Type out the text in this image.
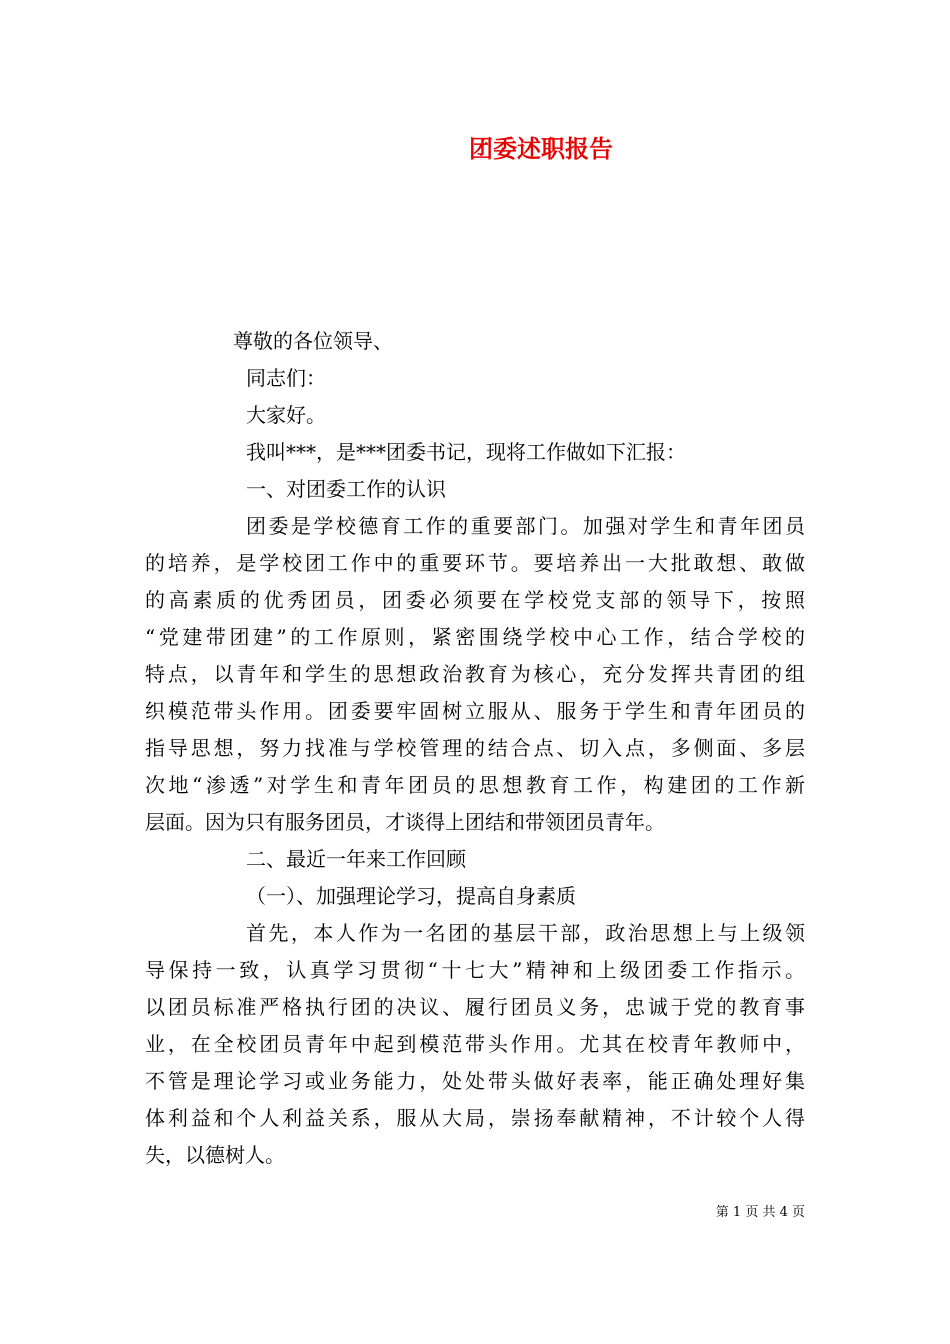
团委述职报告
尊敬的各位领导、
同志们：
大家好。
我叫***，是***团委书记，现将工作做如下汇报：
一、对团委工作的认识
团委是学校德育工作的重要部门。加强对学生和青年团员
的培养，是学校团工作中的重要环节。要培养出一大批敢想、敢做
的高素质的优秀团员，团委必须要在学校党支部的领导下，按照
“党建带团建”的工作原则，紧密围绕学校中心工作，结合学校的
特点，以青年和学生的思想政治教育为核心，充分发挥共青团的组
织模范带头作用。团委要牢固树立服从、服务于学生和青年团员的
指导思想，努力找准与学校管理的结合点、切入点，多侧面、多层
次地“渗透”对学生和青年团员的思想教育工作，构建团的工作新
层面。因为只有服务团员，才谈得上团结和带领团员青年。
二、最近一年来工作回顾
（一）、加强理论学习，提高自身素质
首先，本人作为一名团的基层干部，政治思想上与上级领
导保持一致，认真学习贯彻“十七大”精神和上级团委工作指示。
以团员标准严格执行团的决议、履行团员义务，忠诚于党的教育事
业，在全校团员青年中起到模范带头作用。尤其在校青年教师中，
不管是理论学习或业务能力，处处带头做好表率，能正确处理好集
体利益和个人利益关系，服从大局，崇扬奉献精神，不计较个人得
失，以德树人。
第 1 页 共 4 页
